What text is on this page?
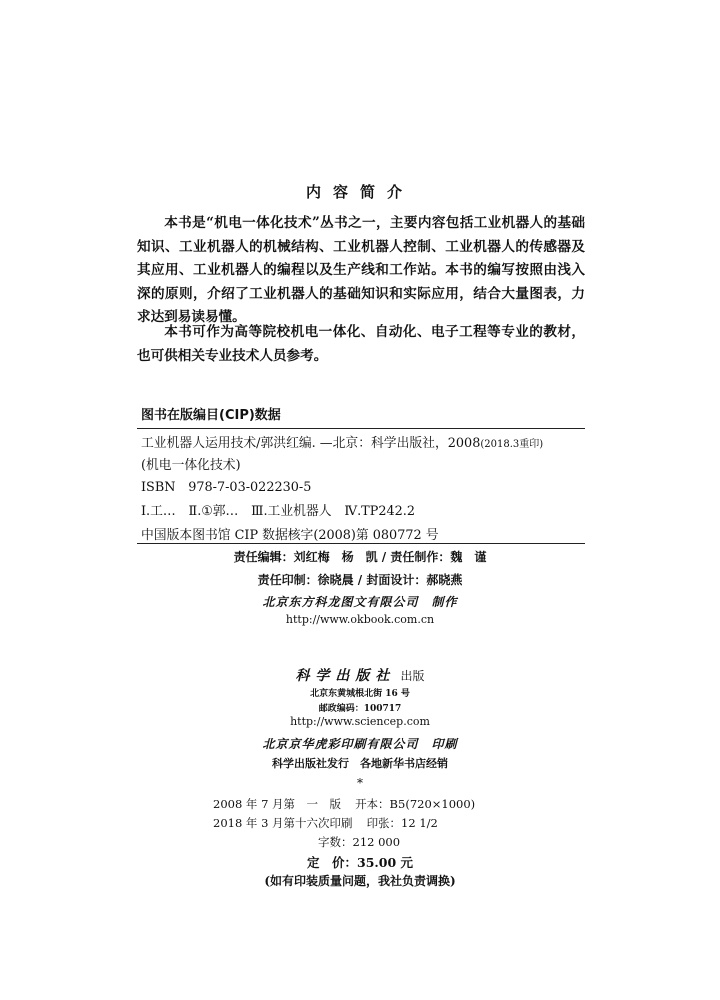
内容简介

本书是“机电一体化技术”丛书之一，主要内容包括工业机器人的基础知识、工业机器人的机械结构、工业机器人控制、工业机器人的传感器及其应用、工业机器人的编程以及生产线和工作站。本书的编写按照由浅入深的原则，介绍了工业机器人的基础知识和实际应用，结合大量图表，力求达到易读易懂。

本书可作为高等院校机电一体化、自动化、电子工程等专业的教材，也可供相关专业技术人员参考。

图书在版编目(CIP)数据
工业机器人运用技术/郭洪红编. —北京：科学出版社，2008(2018.3重印)
(机电一体化技术)
ISBN　978-7-03-022230-5
Ⅰ.工…　Ⅱ.①郭…　Ⅲ.工业机器人　Ⅳ.TP242.2
中国版本图书馆 CIP 数据核字(2008)第 080772 号
责任编辑：刘红梅　杨　凯 / 责任制作：魏　谨
责任印制：徐晓晨 / 封面设计：郝晓燕
北京东方科龙图文有限公司　制作
http://www.okbook.com.cn
科学出版社 出版
北京东黄城根北街 16 号
邮政编码：100717
http://www.sciencep.com
北京京华虎彩印刷有限公司　印刷
科学出版社发行　各地新华书店经销
*
2008 年 7 月第　一　版 开本：B5(720×1000)
2018 年 3 月第十六次印刷 印张：12 1/2
字数：212 000
定　价：35.00 元
(如有印装质量问题，我社负责调换)
